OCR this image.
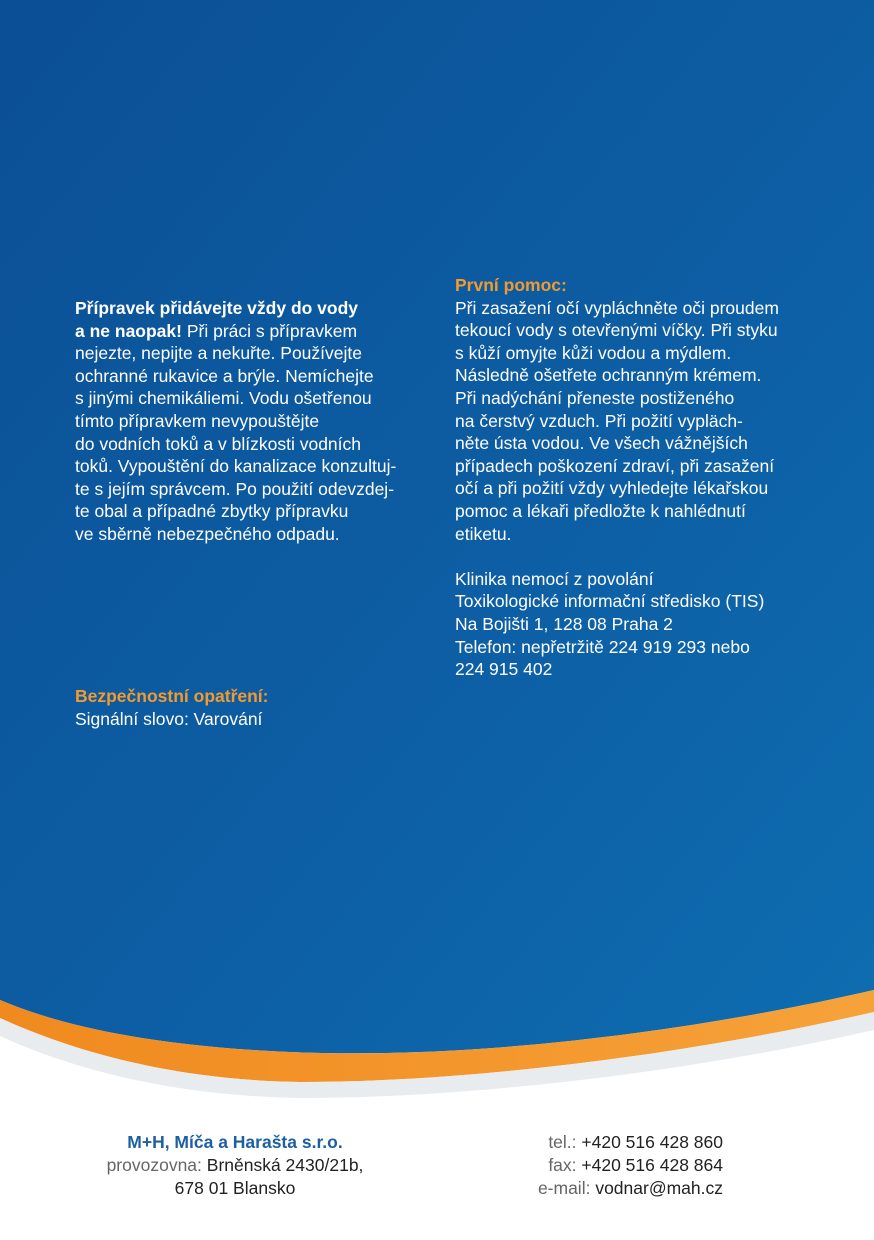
Přípravek přidávejte vždy do vody
a ne naopak! Při práci s přípravkem
nejezte, nepijte a nekuřte. Používejte
ochranné rukavice a brýle. Nemíchejte
s jinými chemikáliemi. Vodu ošetřenou
tímto přípravkem nevypouštějte
do vodních toků a v blízkosti vodních
toků. Vypouštění do kanalizace konzultuj-
te s jejím správcem. Po použití odevzdej-
te obal a případné zbytky přípravku
ve sběrně nebezpečného odpadu.

Bezpečnostní opatření:
Signální slovo: Varování
První pomoc:

Při zasažení očí vypláchněte oči proudem
tekoucí vody s otevřenými víčky. Při styku
s kůží omyjte kůži vodou a mýdlem.
Následně ošetřete ochranným krémem.
Při nadýchání přeneste postiženého
na čerstvý vzduch. Při požití vypläch-
něte ústa vodou. Ve všech vážnějších
případech poškození zdraví, při zasažení
očí a při požití vždy vyhledejte lékařskou
pomoc a lékaři předložte k nahlédnutí
etiketu.

Klinika nemocí z povolání
Toxikologické informační středisko (TIS)
Na Bojišti 1, 128 08 Praha 2
Telefon: nepřetržitě 224 919 293 nebo
224 915 402

M+H, Míča a Harašta s.r.o.
provozovna: Brněnská 2430/21b,
678 01 Blansko
tel.: +420 516 428 860
fax: +420 516 428 864
e-mail: vodnar@mah.cz
